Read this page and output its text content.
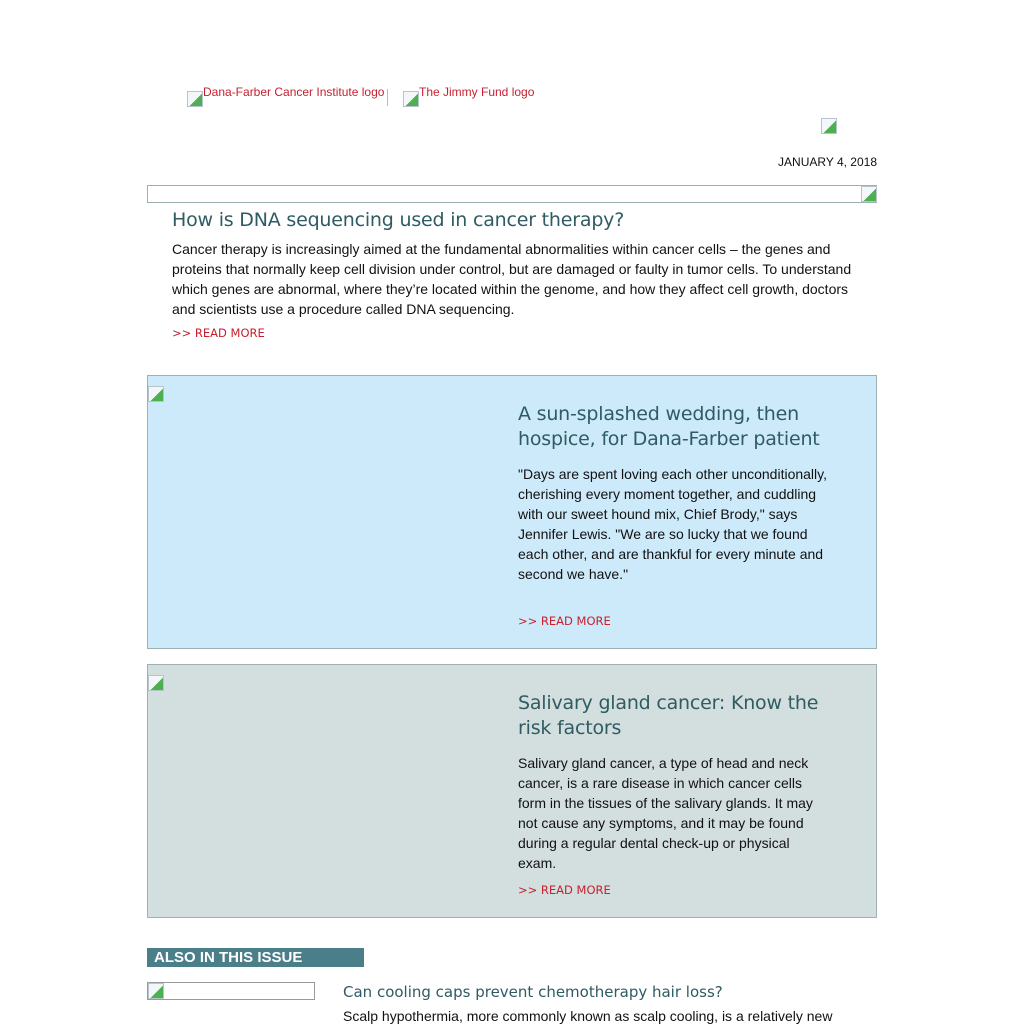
Dana-Farber Cancer Institute logo	The Jimmy Fund logo
JANUARY 4, 2018
How is DNA sequencing used in cancer therapy?
Cancer therapy is increasingly aimed at the fundamental abnormalities within cancer cells – the genes and proteins that normally keep cell division under control, but are damaged or faulty in tumor cells. To understand which genes are abnormal, where they’re located within the genome, and how they affect cell growth, doctors and scientists use a procedure called DNA sequencing.
>> READ MORE
A sun-splashed wedding, then hospice, for Dana-Farber patient
"Days are spent loving each other unconditionally, cherishing every moment together, and cuddling with our sweet hound mix, Chief Brody," says Jennifer Lewis. "We are so lucky that we found each other, and are thankful for every minute and second we have."
>> READ MORE
Salivary gland cancer: Know the risk factors
Salivary gland cancer, a type of head and neck cancer, is a rare disease in which cancer cells form in the tissues of the salivary glands. It may not cause any symptoms, and it may be found during a regular dental check-up or physical exam.
>> READ MORE
ALSO IN THIS ISSUE
Can cooling caps prevent chemotherapy hair loss?
Scalp hypothermia, more commonly known as scalp cooling, is a relatively new
